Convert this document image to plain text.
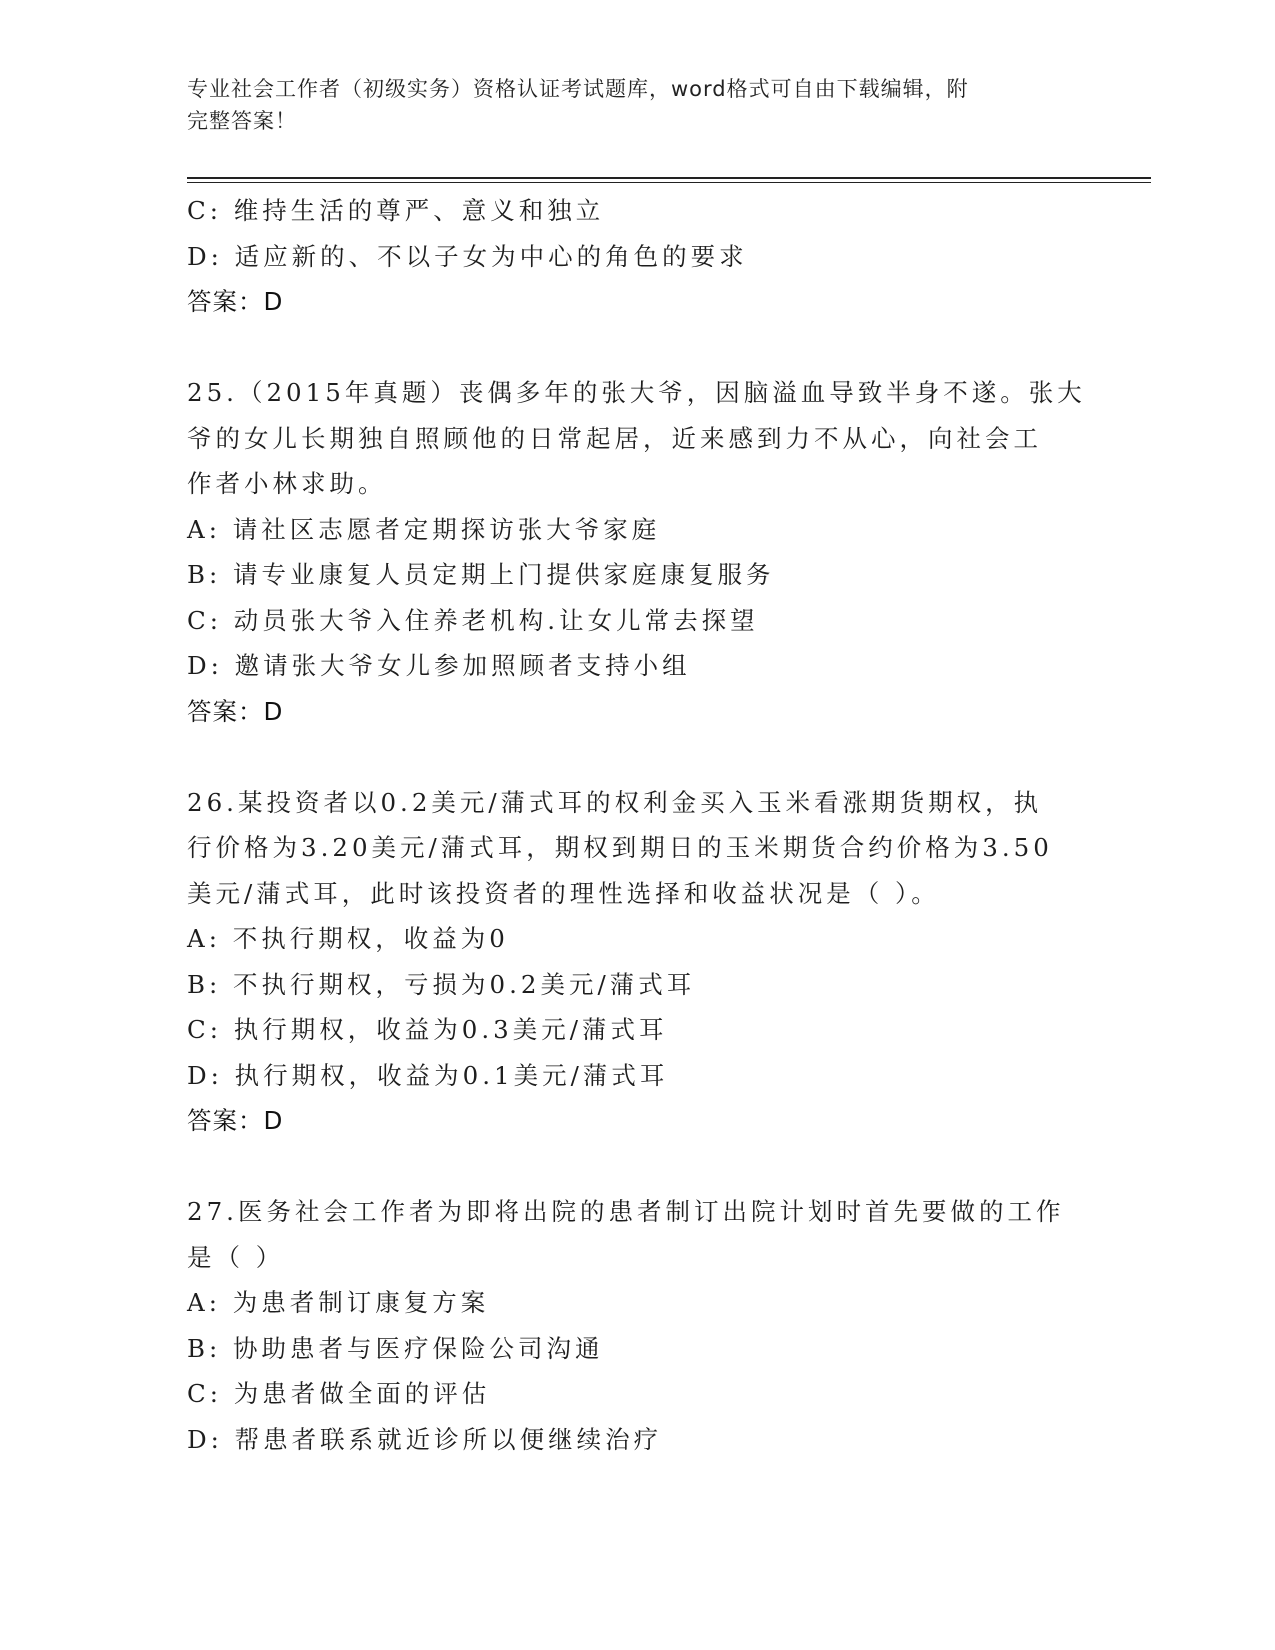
专业社会工作者（初级实务）资格认证考试题库，word格式可自由下载编辑，附
完整答案！
C: 维持生活的尊严、意义和独立
D: 适应新的、不以子女为中心的角色的要求
答案：D
25.（2015年真题）丧偶多年的张大爷，因脑溢血导致半身不遂。张大
爷的女儿长期独自照顾他的日常起居，近来感到力不从心，向社会工
作者小林求助。
A: 请社区志愿者定期探访张大爷家庭
B: 请专业康复人员定期上门提供家庭康复服务
C: 动员张大爷入住养老机构.让女儿常去探望
D: 邀请张大爷女儿参加照顾者支持小组
答案：D
26.某投资者以0.2美元/蒲式耳的权利金买入玉米看涨期货期权，执
行价格为3.20美元/蒲式耳，期权到期日的玉米期货合约价格为3.50
美元/蒲式耳，此时该投资者的理性选择和收益状况是（ ）。
A: 不执行期权，收益为0
B: 不执行期权，亏损为0.2美元/蒲式耳
C: 执行期权，收益为0.3美元/蒲式耳
D: 执行期权，收益为0.1美元/蒲式耳
答案：D
27.医务社会工作者为即将出院的患者制订出院计划时首先要做的工作
是（ ）
A: 为患者制订康复方案
B: 协助患者与医疗保险公司沟通
C: 为患者做全面的评估
D: 帮患者联系就近诊所以便继续治疗
